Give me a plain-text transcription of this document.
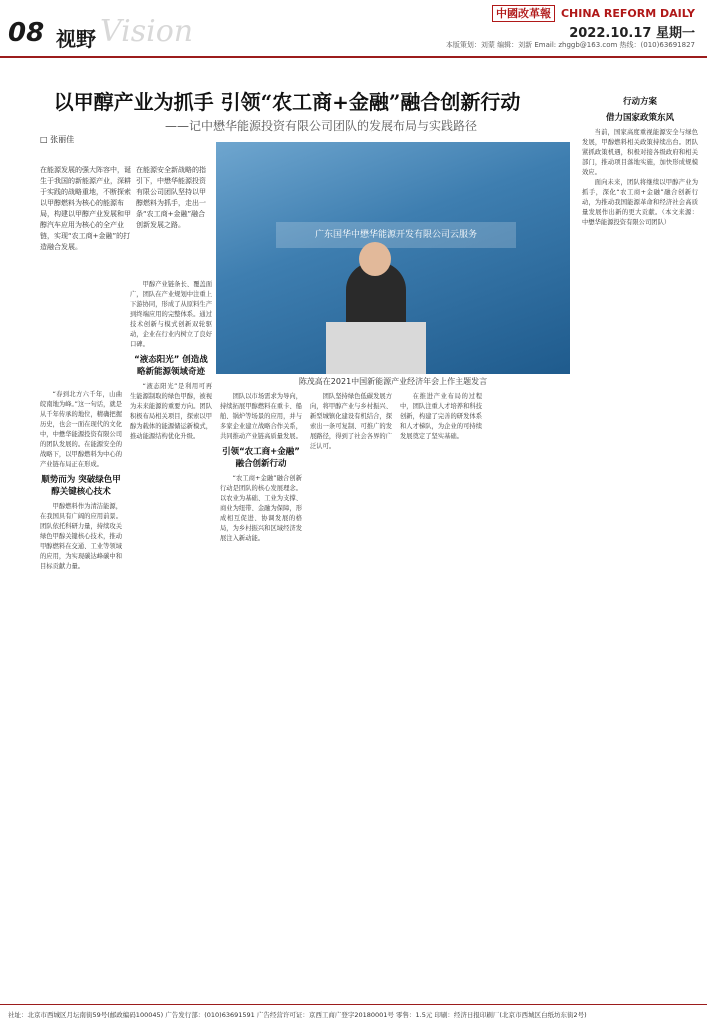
08 视野 Vision
中國改革報 CHINA REFORM DAILY
2022.10.17 星期一
本版策划：刘蒙 编辑：刘新 Email: zhggb@163.com 热线：(010)63691827
以甲醇产业为抓手 引领“农工商+金融”融合创新行动
——记中懋华能源投资有限公司团队的发展布局与实践路径
□ 张丽佳
在能源发展的强大阵容中，诞生于我国的新能源产业，深耕于实践的战略重地，不断探索以甲醇燃料为核心的能源布局，构建以甲醇产业发展和甲醇汽车应用为核心的全产业链，实现“农工商+金融”的打造融合发展。
在能源安全新战略的指引下，中懋华能源投资有限公司团队坚持以甲醇燃料为抓手，走出一条“农工商+金融”融合创新发展之路。
广东国华中懋华能源开发有限公司云服务
陈茂高在2021中国新能源产业经济年会上作主题发言

“春到北方六千年，山曲皖南地为峰。”这一句话，就是从千年传承的地位，精确把握历史，也会一面在现代的文化中，中懋华能源投资有限公司的团队发展的。在能源安全的战略下，以甲醇燃料为中心的产业链布局正在形成。

顺势而为 突破绿色甲醇关键核心技术

甲醇燃料作为清洁能源，在我国具有广阔的应用前景。团队依托科研力量，持续攻关绿色甲醇关键核心技术，推动甲醇燃料在交通、工业等领域的应用，为实现碳达峰碳中和目标贡献力量。

甲醇产业链条长、覆盖面广，团队在产业规划中注重上下游协同，形成了从原料生产到终端应用的完整体系。通过技术创新与模式创新双轮驱动，企业在行业内树立了良好口碑。

“液态阳光” 创造战略新能源领域奇迹

“液态阳光”是利用可再生能源制取的绿色甲醇，被视为未来能源的重要方向。团队积极布局相关项目，探索以甲醇为载体的能源储运新模式，推动能源结构优化升级。

团队以市场需求为导向，持续拓展甲醇燃料在重卡、船舶、锅炉等场景的应用，并与多家企业建立战略合作关系，共同推动产业链高质量发展。

引领“农工商+金融” 融合创新行动

“农工商+金融”融合创新行动是团队的核心发展理念。以农业为基础、工业为支撑、商业为纽带、金融为保障，形成相互促进、协调发展的格局，为乡村振兴和区域经济发展注入新动能。

团队坚持绿色低碳发展方向，将甲醇产业与乡村振兴、新型城镇化建设有机结合，探索出一条可复制、可推广的发展路径，得到了社会各界的广泛认可。

在推进产业布局的过程中，团队注重人才培养和科技创新，构建了完善的研发体系和人才梯队，为企业的可持续发展奠定了坚实基础。

行动方案
借力国家政策东风

当前，国家高度重视能源安全与绿色发展，甲醇燃料相关政策持续出台。团队紧抓政策机遇，积极对接各级政府和相关部门，推动项目落地实施，加快形成规模效应。

面向未来，团队将继续以甲醇产业为抓手，深化“农工商+金融”融合创新行动，为推动我国能源革命和经济社会高质量发展作出新的更大贡献。（本文来源：中懋华能源投资有限公司团队）

社址：北京市西城区月坛南街59号(邮政编码100045) 广告发行部：(010)63691591 广告经营许可证：京西工商广登字20180001号 零售：1.5元 印刷：经济日报印刷厂(北京市西城区白纸坊东街2号)
